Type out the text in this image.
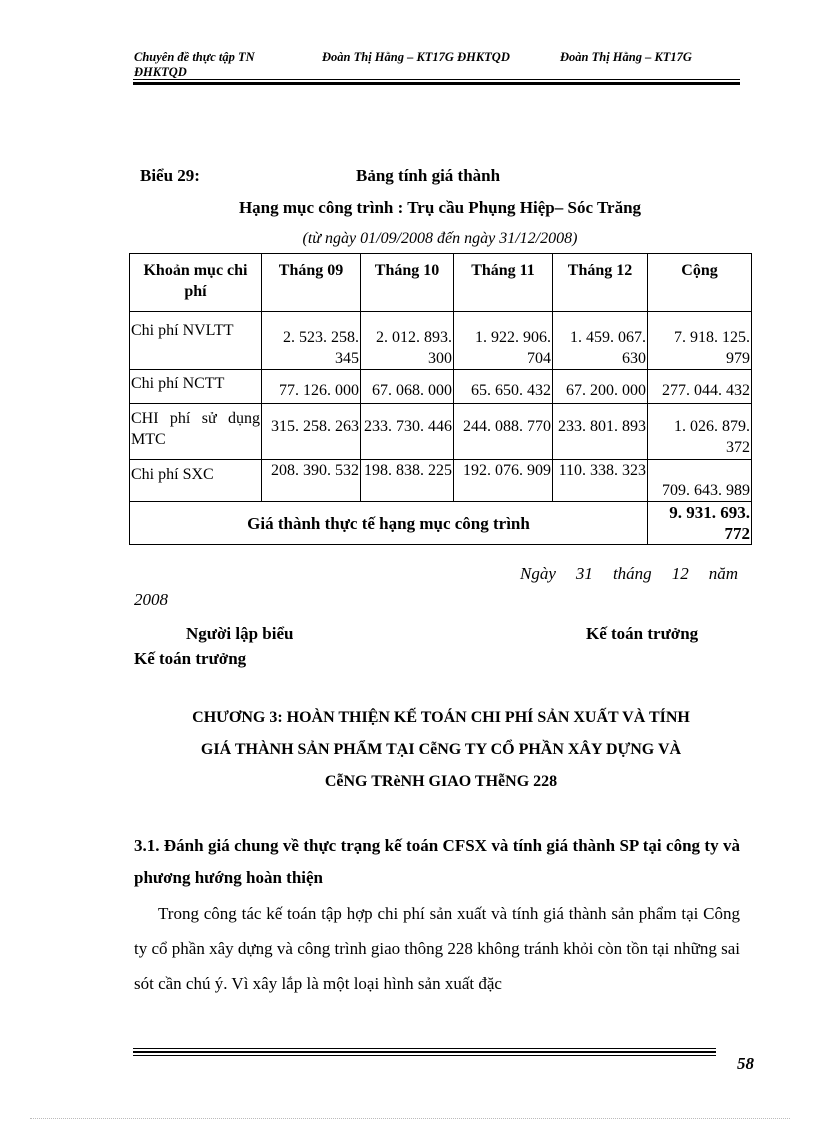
Chuyên đề thực tập TN
ĐHKTQD
Đoàn Thị Hằng – KT17G ĐHKTQD	Đoàn Thị Hằng – KT17G
Biểu 29:	Bảng tính giá thành
Hạng mục công trình : Trụ cầu Phụng Hiệp– Sóc Trăng
(từ ngày 01/09/2008 đến ngày 31/12/2008)
Khoản mục chi phí	Tháng 09	Tháng 10	Tháng 11	Tháng 12	Cộng
Chi phí NVLTT	2. 523. 258. 345	2. 012. 893. 300	1. 922. 906. 704	1. 459. 067. 630	7. 918. 125. 979
Chi phí NCTT	77. 126. 000	67. 068. 000	65. 650. 432	67. 200. 000	277. 044. 432
CHI phí sử dụng MTC	315. 258. 263	233. 730. 446	244. 088. 770	233. 801. 893	1. 026. 879. 372
Chi phí SXC	208. 390. 532	198. 838. 225	192. 076. 909	110. 338. 323	709. 643. 989
Giá thành thực tế hạng mục công trình					9. 931. 693. 772
Ngày 31 tháng 12 năm
2008
Người lập biểu	Kế toán trưởng
Kế toán trưởng
CHƯƠNG 3: HOÀN THIỆN KẾ TOÁN CHI PHÍ SẢN XUẤT VÀ TÍNH
GIÁ THÀNH SẢN PHẨM TẠI CễNG TY CỔ PHẦN XÂY DỰNG VÀ
CễNG TRèNH GIAO THễNG 228
3.1. Đánh giá chung về thực trạng kế toán CFSX và tính giá thành SP tại công ty và phương hướng hoàn thiện
Trong công tác kế toán tập hợp chi phí sản xuất và tính giá thành sản phẩm tại Công ty cổ phần xây dựng và công trình giao thông 228 không tránh khỏi còn tồn tại những sai sót cần chú ý. Vì xây lắp là một loại hình sản xuất đặc
58
